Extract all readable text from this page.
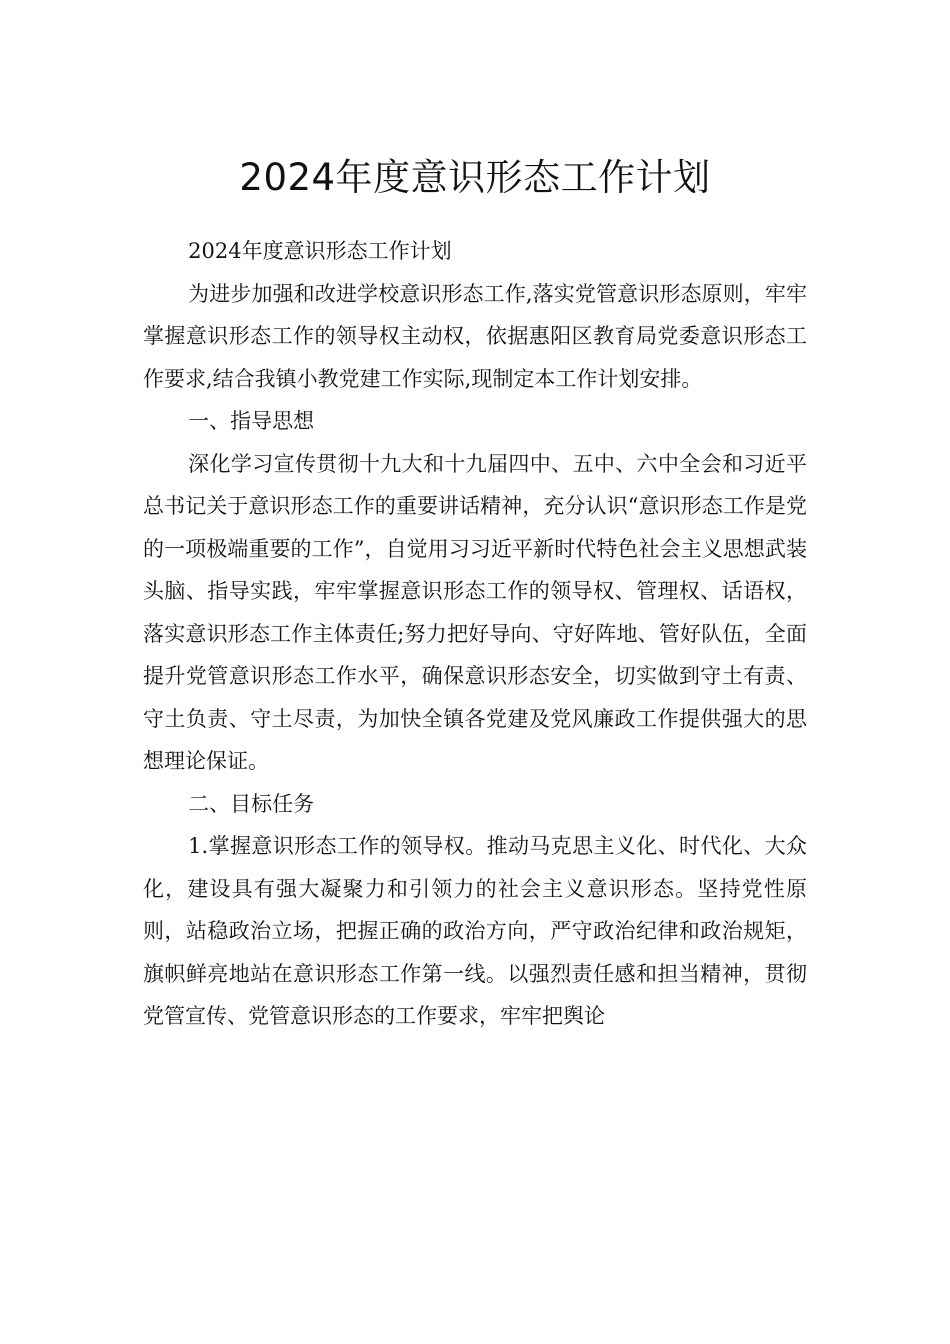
2024年度意识形态工作计划

2024年度意识形态工作计划

为进步加强和改进学校意识形态工作,落实党管意识形态原则，牢牢掌握意识形态工作的领导权主动权，依据惠阳区教育局党委意识形态工作要求,结合我镇小教党建工作实际,现制定本工作计划安排。

一、指导思想

深化学习宣传贯彻十九大和十九届四中、五中、六中全会和习近平总书记关于意识形态工作的重要讲话精神，充分认识“意识形态工作是党的一项极端重要的工作”，自觉用习习近平新时代特色社会主义思想武装头脑、指导实践，牢牢掌握意识形态工作的领导权、管理权、话语权，落实意识形态工作主体责任;努力把好导向、守好阵地、管好队伍，全面提升党管意识形态工作水平，确保意识形态安全，切实做到守土有责、守土负责、守土尽责，为加快全镇各党建及党风廉政工作提供强大的思想理论保证。

二、目标任务

1.掌握意识形态工作的领导权。推动马克思主义化、时代化、大众化，建设具有强大凝聚力和引领力的社会主义意识形态。坚持党性原则，站稳政治立场，把握正确的政治方向，严守政治纪律和政治规矩，旗帜鲜亮地站在意识形态工作第一线。以强烈责任感和担当精神，贯彻党管宣传、党管意识形态的工作要求，牢牢把舆论
